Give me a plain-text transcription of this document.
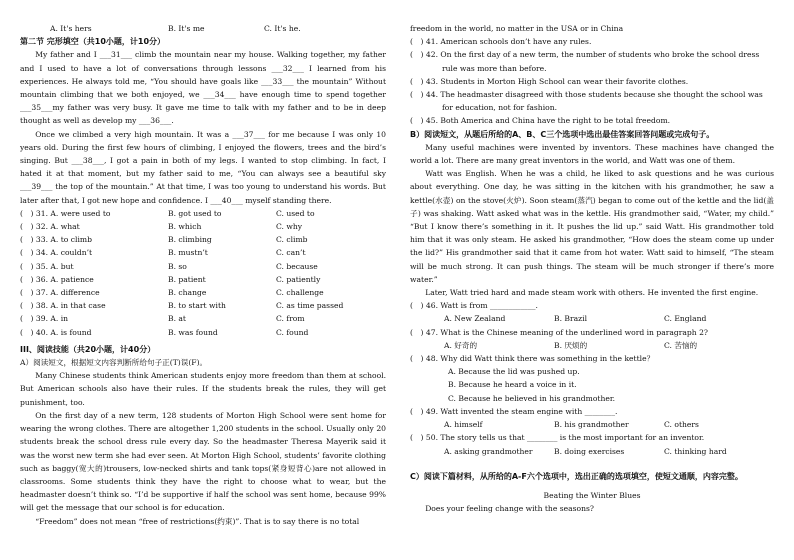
A. It's hers	B. It's me	C. It's he.

第二节 完形填空（共10小题，计10分）

My father and I ___31___ climb the mountain near my house. Walking together, my father and I used to have a lot of conversations through lessons ___32___ I learned from his experiences. He always told me, “You should have goals like ___33___ the mountain” Without mountain climbing that we both enjoyed, we ___34___ have enough time to spend together ___35___my father was very busy. It gave me time to talk with my father and to be in deep thought as well as develop my ___36___.

Once we climbed a very high mountain. It was a ___37___ for me because I was only 10 years old. During the first few hours of climbing, I enjoyed the flowers, trees and the bird’s singing. But ___38___, I got a pain in both of my legs. I wanted to stop climbing. In fact, I hated it at that moment, but my father said to me, “You can always see a beautiful sky ___39___ the top of the mountain.” At that time, I was too young to understand his words. But later after that, I got new hope and confidence. I ___40___ myself standing there.

(　) 31. A. were used to	B. got used to	C. used to
(　) 32. A. what	B. which	C. why
(　) 33. A. to climb	B. climbing	C. climb
(　) 34. A. couldn’t	B. mustn’t	C. can’t
(　) 35. A. but	B. so	C. because
(　) 36. A. patience	B. patient	C. patiently
(　) 37. A. difference	B. change	C. challenge
(　) 38. A. in that case	B. to start with	C. as time passed
(　) 39. A. in	B. at	C. from
(　) 40. A. is found	B. was found	C. found

III、阅读技能（共20小题，计40分）

A）阅读短文，根据短文内容判断所给句子正(T)误(F)。

Many Chinese students think American students enjoy more freedom than them at school. But American schools also have their rules. If the students break the rules, they will get punishment, too.

On the first day of a new term, 128 students of Morton High School were sent home for wearing the wrong clothes. There are altogether 1,200 students in the school. Usually only 20 students break the school dress rule every day. So the headmaster Theresa Mayerik said it was the worst new term she had ever seen. At Morton High School, students’ favorite clothing such as baggy(宽大的)trousers, low-necked shirts and tank tops(紧身短背心)are not allowed in classrooms. Some students think they have the right to choose what to wear, but the headmaster doesn’t think so. “I’d be supportive if half the school was sent home, because 99% will get the message that our school is for education.

“Freedom” does not mean “free of restrictions(约束)”. That is to say there is no total

freedom in the world, no matter in the USA or in China

(　) 41. American schools don’t have any rules.

(　) 42. On the first day of a new term, the number of students who broke the school dress rule was more than before.

(　) 43. Students in Morton High School can wear their favorite clothes.

(　) 44. The headmaster disagreed with those students because she thought the school was for education, not for fashion.

(　) 45. Both America and China have the right to be total freedom.

B）阅读短文，从题后所给的A、B、C三个选项中选出最佳答案回答问题或完成句子。

Many useful machines were invented by inventors. These machines have changed the world a lot. There are many great inventors in the world, and Watt was one of them.

Watt was English. When he was a child, he liked to ask questions and he was curious about everything. One day, he was sitting in the kitchen with his grandmother, he saw a kettle(水壶) on the stove(火炉). Soon steam(蒸汽) began to come out of the kettle and the lid(盖子) was shaking. Watt asked what was in the kettle. His grandmother said, “Water, my child.” “But I know there’s something in it. It pushes the lid up.” said Watt. His grandmother told him that it was only steam. He asked his grandmother, “How does the steam come up under the lid?” His grandmother said that it came from hot water. Watt said to himself, “The steam will be much strong. It can push things. The steam will be much stronger if there’s more water.”

Later, Watt tried hard and made steam work with others. He invented the first engine.

(　) 46. Watt is from ____________.

A. New Zealand	B. Brazil	C. England

(　) 47. What is the Chinese meaning of the underlined word in paragraph 2?

A. 好奇的	B. 厌烦的	C. 苦恼的

(　) 48. Why did Watt think there was something in the kettle？

A. Because the lid was pushed up.

B. Because he heard a voice in it.

C. Because he believed in his grandmother.

(　) 49. Watt invented the steam engine with ________.

A. himself	B. his grandmother	C. others

(　) 50. The story tells us that ________ is the most important for an inventor.

A. asking grandmother	B. doing exercises	C. thinking hard

C）阅读下篇材料，从所给的A-F六个选项中，选出正确的选项填空，使短文通顺，内容完整。

Beating the Winter Blues

Does your feeling change with the seasons?
